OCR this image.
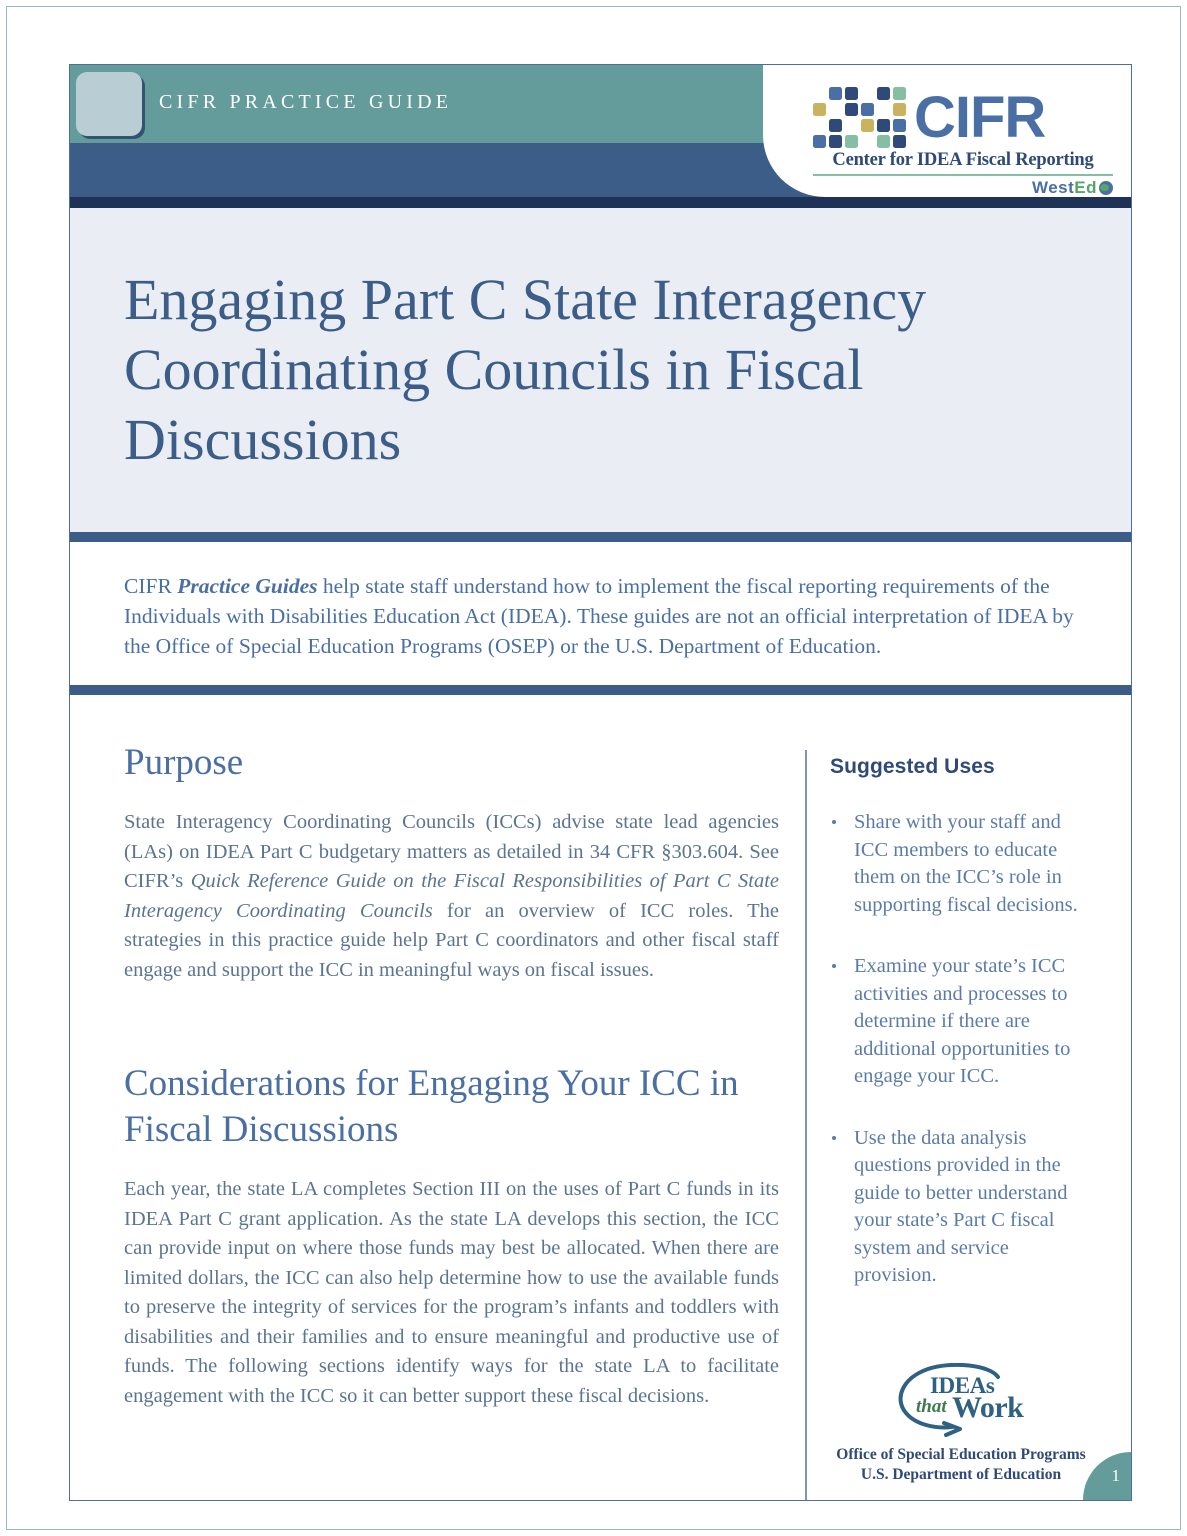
CIFR PRACTICE GUIDE	CIFR
Center for IDEA Fiscal Reporting
WestEd
Engaging Part C State Interagency Coordinating Councils in Fiscal Discussions

CIFR Practice Guides help state staff understand how to implement the fiscal reporting requirements of the Individuals with Disabilities Education Act (IDEA). These guides are not an official interpretation of IDEA by the Office of Special Education Programs (OSEP) or the U.S. Department of Education.

Purpose

State Interagency Coordinating Councils (ICCs) advise state lead agencies (LAs) on IDEA Part C budgetary matters as detailed in 34 CFR §303.604. See CIFR’s Quick Reference Guide on the Fiscal Responsibilities of Part C State Interagency Coordinating Councils for an overview of ICC roles. The strategies in this practice guide help Part C coordinators and other fiscal staff engage and support the ICC in meaningful ways on fiscal issues.

Considerations for Engaging Your ICC in Fiscal Discussions

Each year, the state LA completes Section III on the uses of Part C funds in its IDEA Part C grant application. As the state LA develops this section, the ICC can provide input on where those funds may best be allocated. When there are limited dollars, the ICC can also help determine how to use the available funds to preserve the integrity of services for the program’s infants and toddlers with disabilities and their families and to ensure meaningful and productive use of funds. The following sections identify ways for the state LA to facilitate engagement with the ICC so it can better support these fiscal decisions.

Suggested Uses
Share with your staff and ICC members to educate them on the ICC’s role in supporting fiscal decisions.
Examine your state’s ICC activities and processes to determine if there are additional opportunities to engage your ICC.
Use the data analysis questions provided in the guide to better understand your state’s Part C fiscal system and service provision.
IDEAs
that Work
Office of Special Education Programs
U.S. Department of Education	1
